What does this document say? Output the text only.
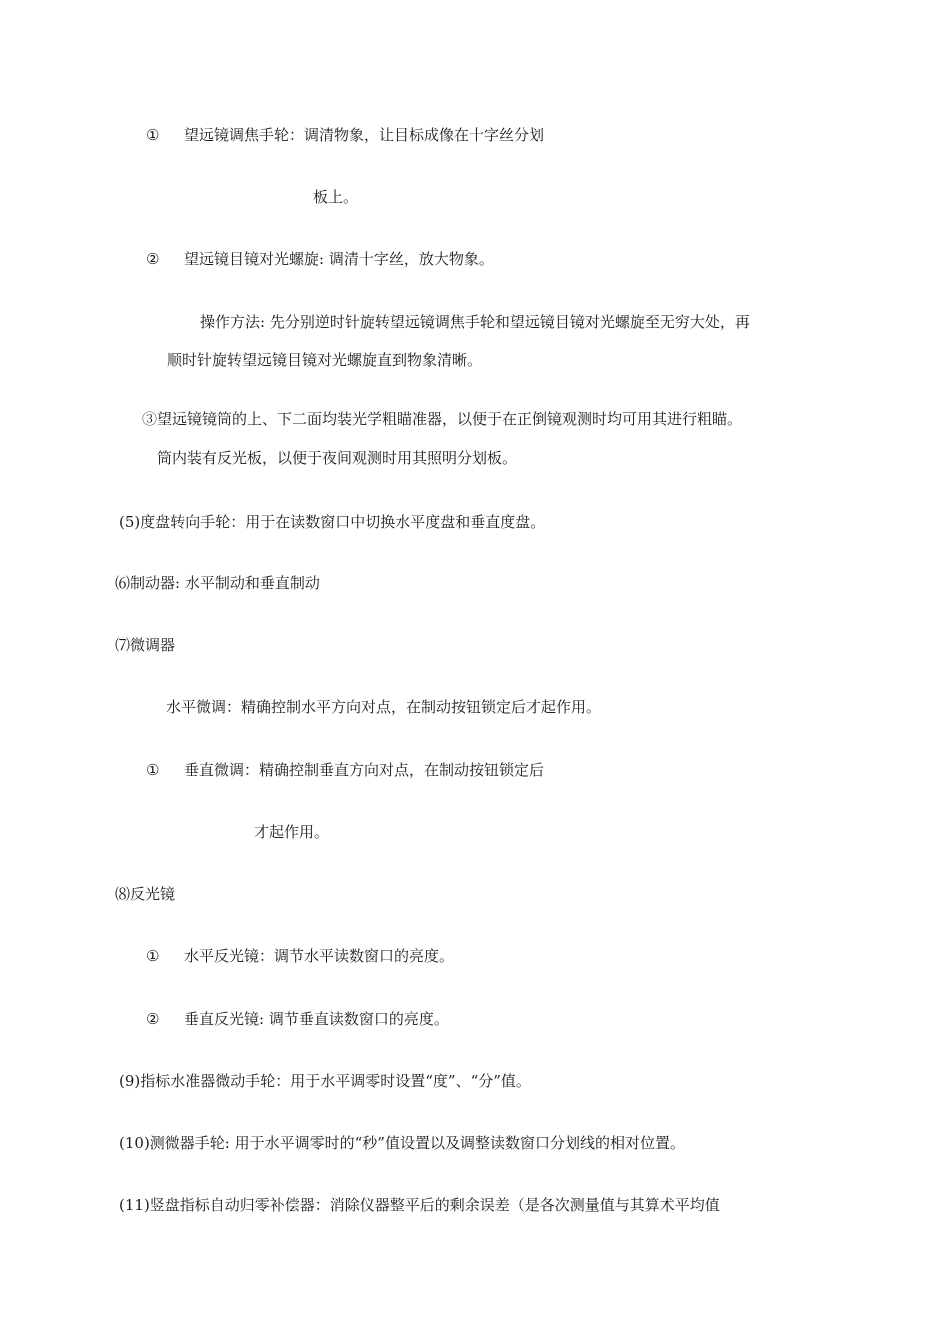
① 望远镜调焦手轮：调清物象，让目标成像在十字丝分划
板上。
② 望远镜目镜对光螺旋: 调清十字丝，放大物象。
操作方法: 先分别逆时针旋转望远镜调焦手轮和望远镜目镜对光螺旋至无穷大处，再
顺时针旋转望远镜目镜对光螺旋直到物象清晰。
③望远镜镜筒的上、下二面均装光学粗瞄准器，以便于在正倒镜观测时均可用其进行粗瞄。
筒内装有反光板，以便于夜间观测时用其照明分划板。
(5)度盘转向手轮：用于在读数窗口中切换水平度盘和垂直度盘。
⑹制动器: 水平制动和垂直制动
⑺微调器
水平微调：精确控制水平方向对点，在制动按钮锁定后才起作用。
① 垂直微调：精确控制垂直方向对点，在制动按钮锁定后
才起作用。
⑻反光镜
① 水平反光镜：调节水平读数窗口的亮度。
② 垂直反光镜: 调节垂直读数窗口的亮度。
(9)指标水准器微动手轮：用于水平调零时设置“度”、“分”值。
(10)测微器手轮: 用于水平调零时的“秒”值设置以及调整读数窗口分划线的相对位置。
(11)竖盘指标自动归零补偿器：消除仪器整平后的剩余误差（是各次测量值与其算术平均值
